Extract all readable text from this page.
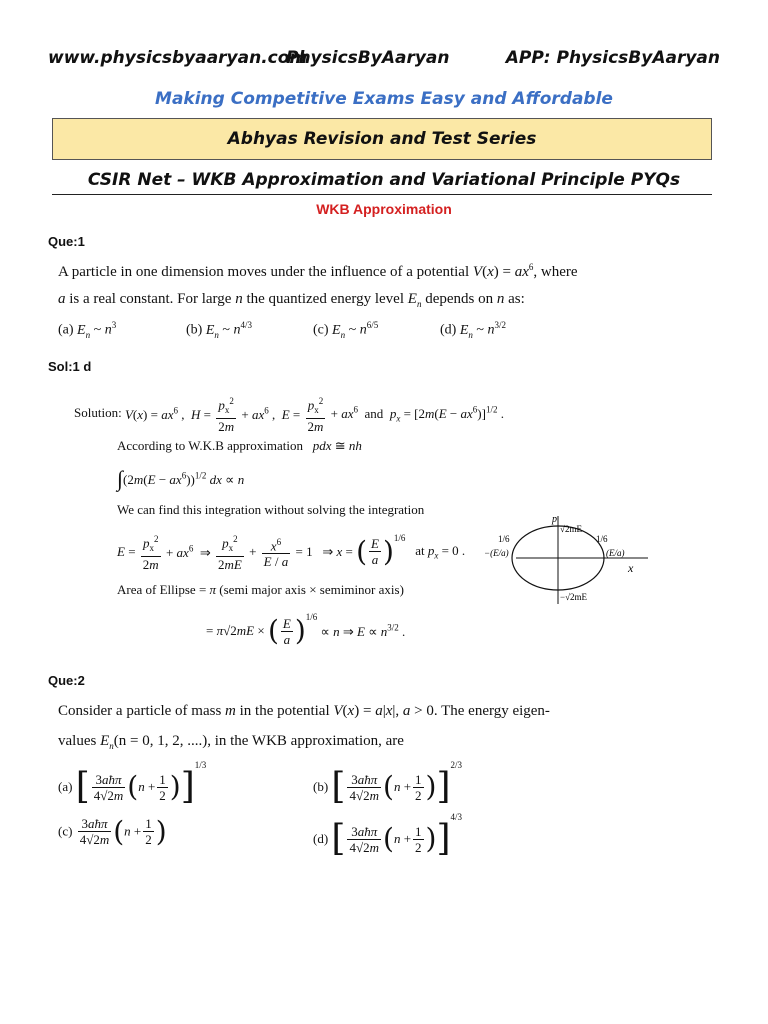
www.physicsbyaaryan.com
PhysicsByAaryan	APP: PhysicsByAaryan
Making Competitive Exams Easy and Affordable
Abhyas Revision and Test Series
CSIR Net – WKB Approximation and Variational Principle PYQs
WKB Approximation
Que:1
A particle in one dimension moves under the influence of a potential $V(x) = ax^6$, where
a is a real constant. For large n the quantized energy level $E_n$ depends on n as:
(a) $E_n$ ~ $n^3$	(b) $E_n$ ~ $n^{4/3}$	(c) $E_n$ ~ $n^{6/5}$	(d) $E_n$ ~ $n^{3/2}$
Sol:1 d
Solution: $V(x) = ax^6$ ,  $H = \frac{p_x^2}{2m} + ax^6$ ,  $E = \frac{p_x^2}{2m} + ax^6$ and $p_x = [2m(E - ax^6)]^{1/2}$ .
According to W.K.B approximation pdx ≅ nh
$\int(2m(E - ax^6))^{1/2}$ dx ∝ n
We can find this integration without solving the integration
$E = \frac{p_x^2}{2m} + ax^6$  ⇒ $\frac{p_x^2}{2mE} + \frac{x^6}{E / a} = 1$   ⇒ x = ( $\frac{E}{a} )^{1/6}$   at $p_x = 0$ .
Area of Ellipse = π (semi major axis × semiminor axis)
= π√2mE × ( $\frac{E}{a} )^{1/6} \propto n$ ⇒ $E \propto n^{3/2}$ .
p
√2mE
−√2mE
1/6	1/6
−(E/a)	(E/a)
x
Que:2
Consider a particle of mass m in the potential V(x) = a|x|, a > 0. The energy eigen-
values $E_n(n = 0$, 1, 2, ....), in the WKB approximation, are
(a) [ $\frac{\text{3aħπ}}{4√2m} (n + \frac{1}{2} )]^{1/3}$
(b) [ $\frac{\text{3aħπ}}{4√2m} (n + \frac{1}{2} )]^{2/3}$
$(c) \frac{\text{3aħπ}}{4√2m} (n + \frac{1}{2}$ )	(d) [ $\frac{\text{3aħπ}}{4√2m} (n + \frac{1}{2} )]^{4/3}$
